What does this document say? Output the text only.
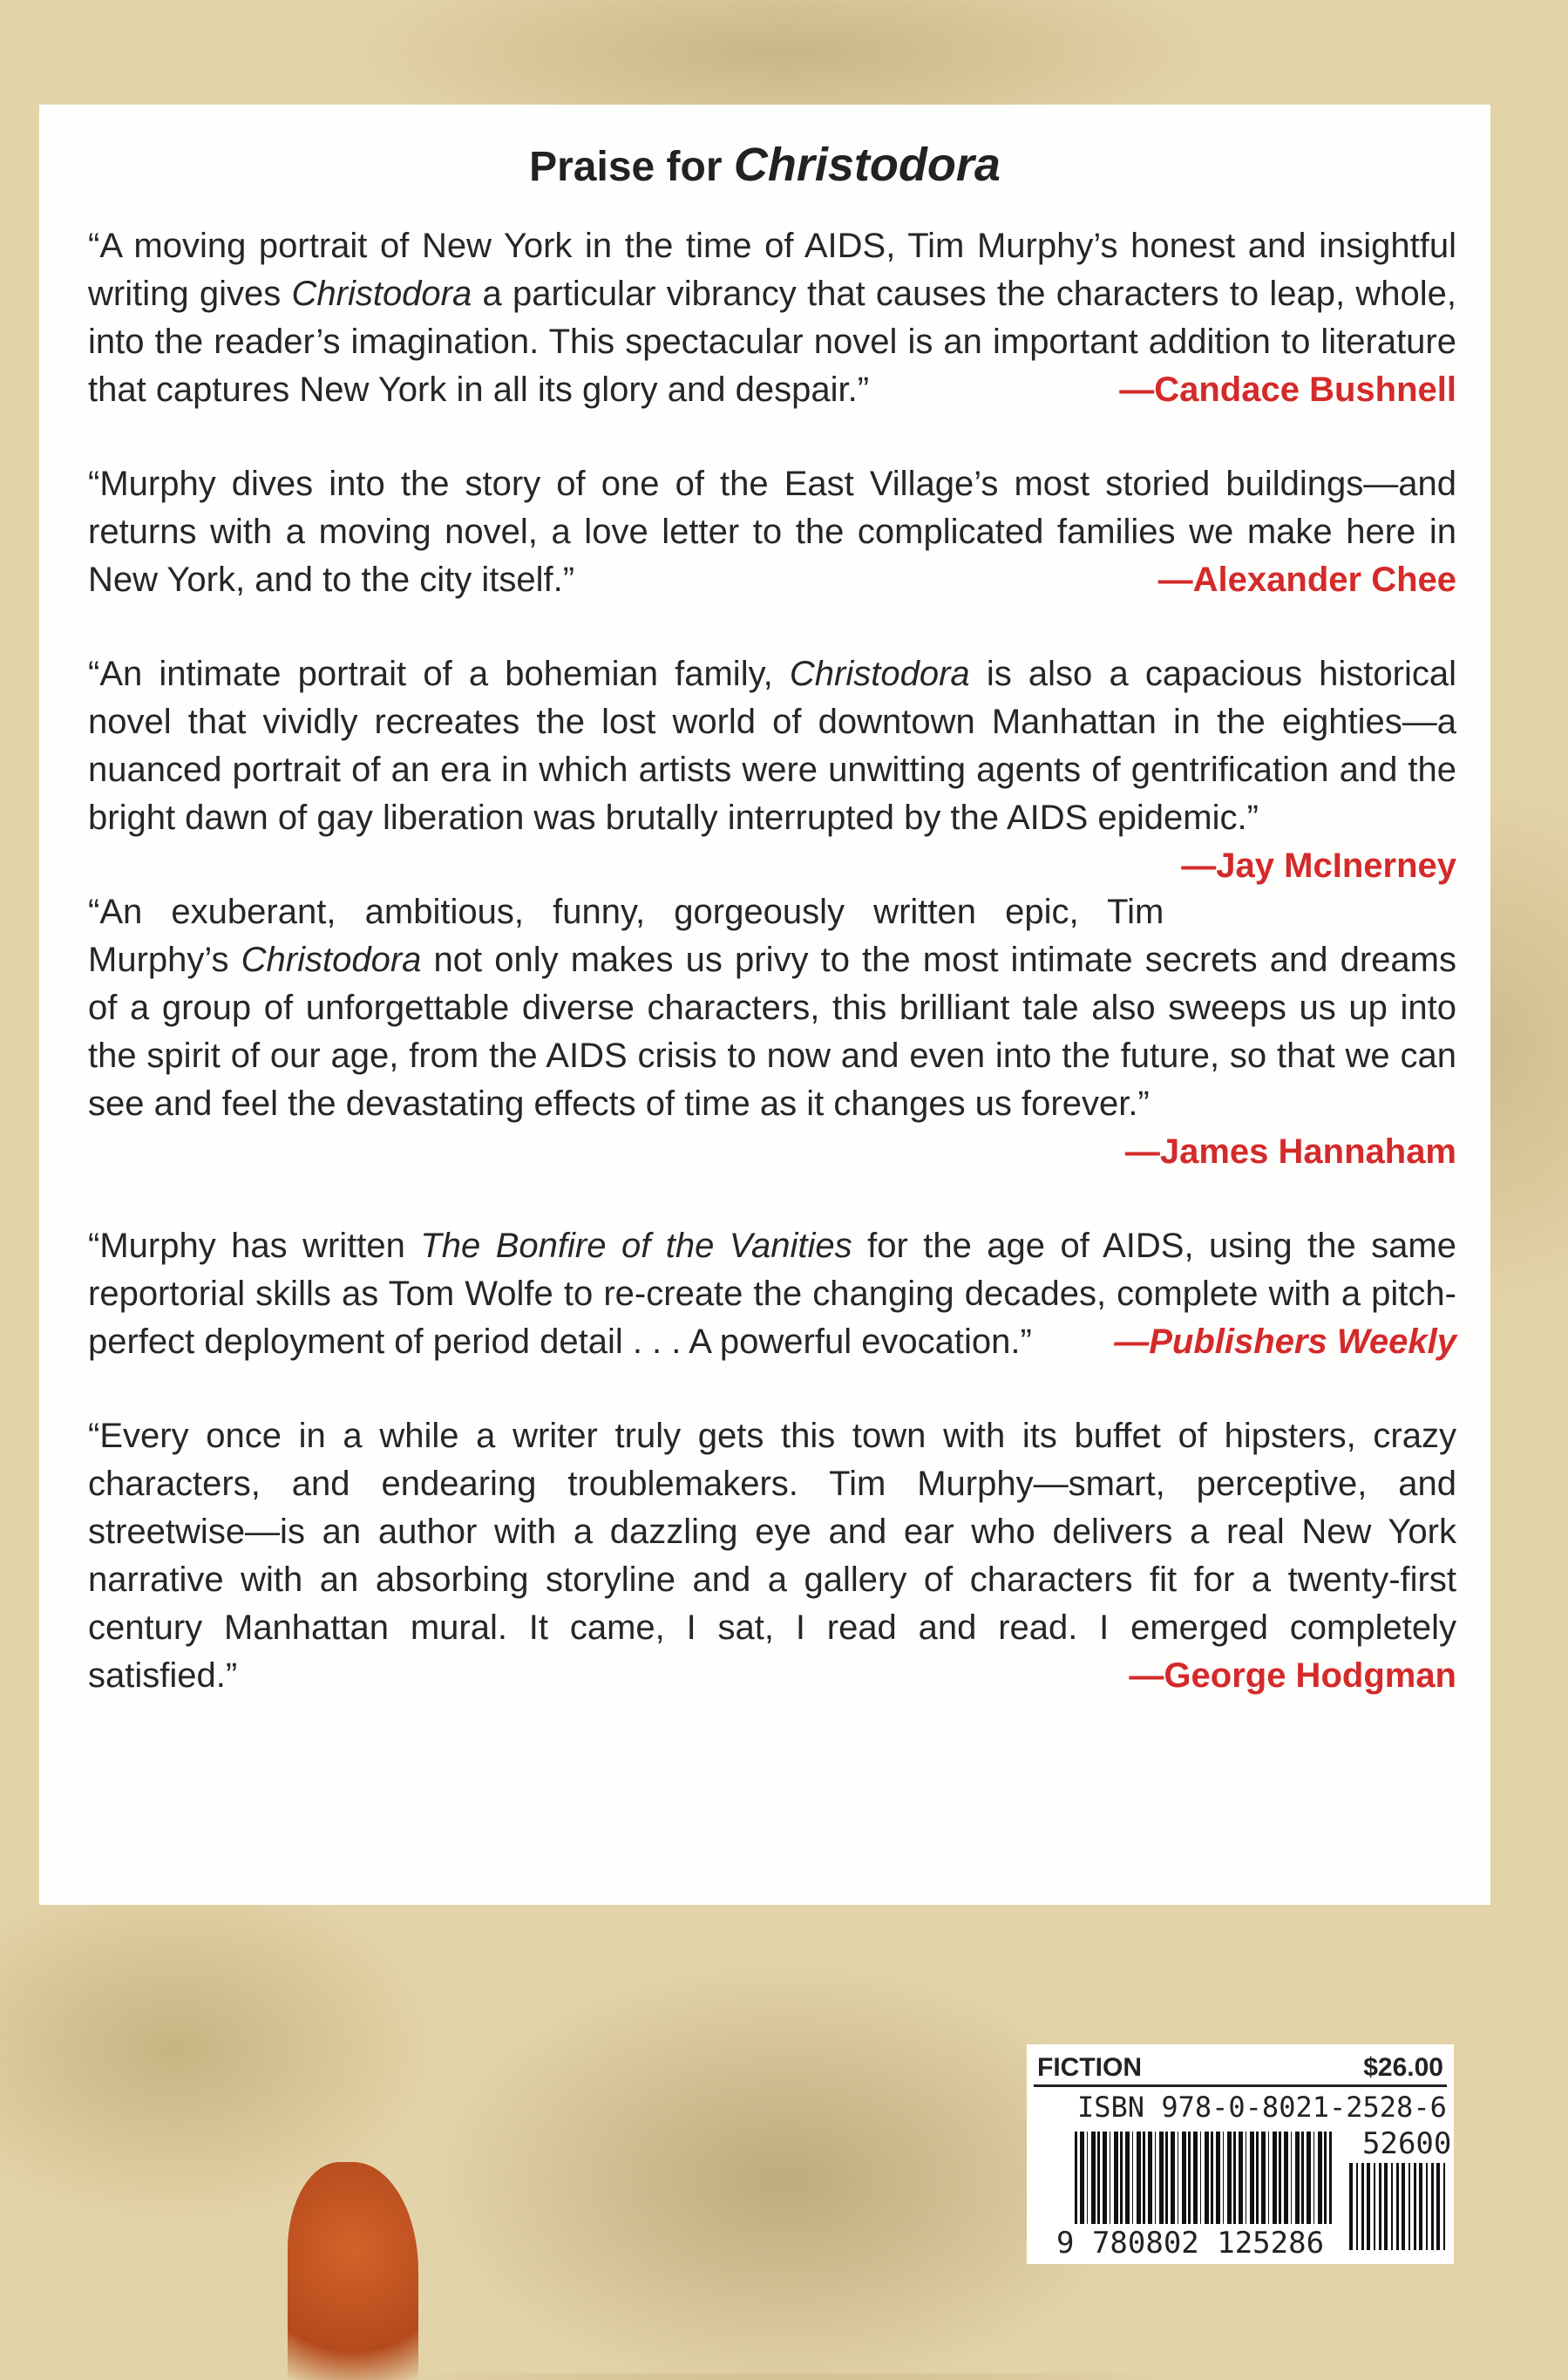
Praise for Christodora

“A moving portrait of New York in the time of AIDS, Tim Murphy’s honest and insightful writing gives Christodora a particular vibrancy that causes the characters to leap, whole, into the reader’s imagination. This spectacular novel is an important addition to literature that captures New York in all its glory and despair.”	—Candace Bushnell

“Murphy dives into the story of one of the East Village’s most storied buildings—and returns with a moving novel, a love letter to the complicated families we make here in New York, and to the city itself.”	—Alexander Chee

“An intimate portrait of a bohemian family, Christodora is also a capacious historical novel that vividly recreates the lost world of downtown Manhattan in the eighties—a nuanced portrait of an era in which artists were unwitting agents of gentrification and the bright dawn of gay liberation was brutally interrupted by the AIDS epidemic.”
—Jay McInerney

“An exuberant, ambitious, funny, gorgeously written epic, Tim Murphy’s Christodora not only makes us privy to the most intimate secrets and dreams of a group of unforgettable diverse characters, this brilliant tale also sweeps us up into the spirit of our age, from the AIDS crisis to now and even into the future, so that we can see and feel the devastating effects of time as it changes us forever.”
—James Hannaham

“Murphy has written The Bonfire of the Vanities for the age of AIDS, using the same reportorial skills as Tom Wolfe to re-create the changing decades, complete with a pitch-perfect deployment of period detail . . . A powerful evocation.” —Publishers Weekly

“Every once in a while a writer truly gets this town with its buffet of hipsters, crazy characters, and endearing troublemakers. Tim Murphy—smart, perceptive, and streetwise—is an author with a dazzling eye and ear who delivers a real New York narrative with an absorbing storyline and a gallery of characters fit for a twenty-first century Manhattan mural. It came, I sat, I read and read. I emerged completely satisfied.”	—George Hodgman

FICTION	$26.00
ISBN 978-0-8021-2528-6
52600
9 780802 125286
